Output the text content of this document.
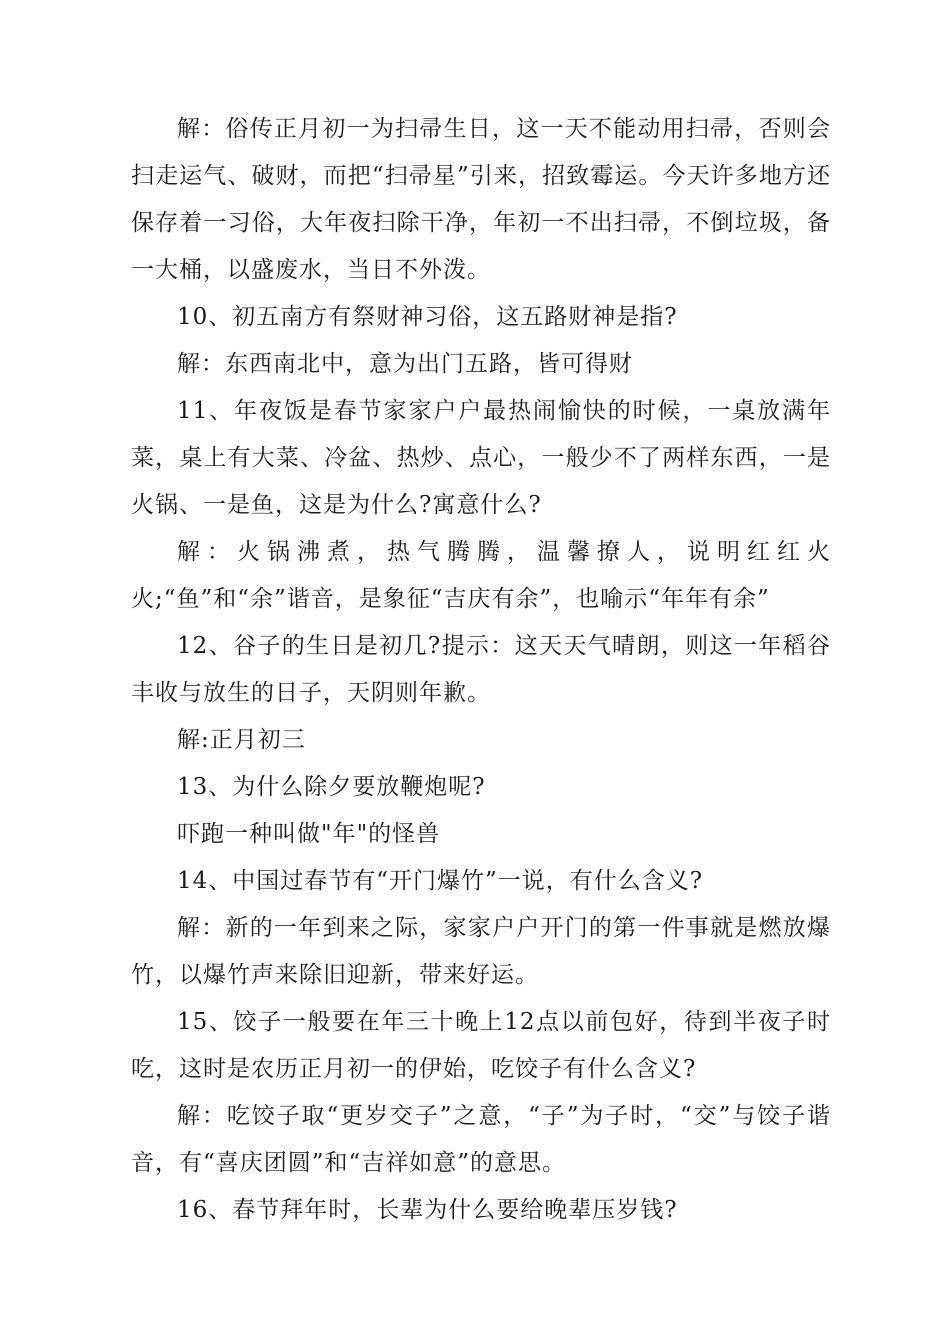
解：俗传正月初一为扫帚生日，这一天不能动用扫帚，否则会扫走运气、破财，而把“扫帚星”引来，招致霉运。今天许多地方还保存着一习俗，大年夜扫除干净，年初一不出扫帚，不倒垃圾，备一大桶，以盛废水，当日不外泼。

10、初五南方有祭财神习俗，这五路财神是指?

解：东西南北中，意为出门五路，皆可得财

11、年夜饭是春节家家户户最热闹愉快的时候，一桌放满年菜，桌上有大菜、冷盆、热炒、点心，一般少不了两样东西，一是火锅、一是鱼，这是为什么?寓意什么?

解：火锅沸煮，热气腾腾，温馨撩人，说明红红火火;“鱼”和“余”谐音，是象征“吉庆有余”，也喻示“年年有余”

12、谷子的生日是初几?提示：这天天气晴朗，则这一年稻谷丰收与放生的日子，天阴则年歉。

解:正月初三

13、为什么除夕要放鞭炮呢?

吓跑一种叫做"年"的怪兽

14、中国过春节有“开门爆竹”一说，有什么含义?

解：新的一年到来之际，家家户户开门的第一件事就是燃放爆竹，以爆竹声来除旧迎新，带来好运。

15、饺子一般要在年三十晚上12点以前包好，待到半夜子时吃，这时是农历正月初一的伊始，吃饺子有什么含义?

解：吃饺子取“更岁交子”之意，“子”为子时，“交”与饺子谐音，有“喜庆团圆”和“吉祥如意”的意思。

16、春节拜年时，长辈为什么要给晚辈压岁钱?
